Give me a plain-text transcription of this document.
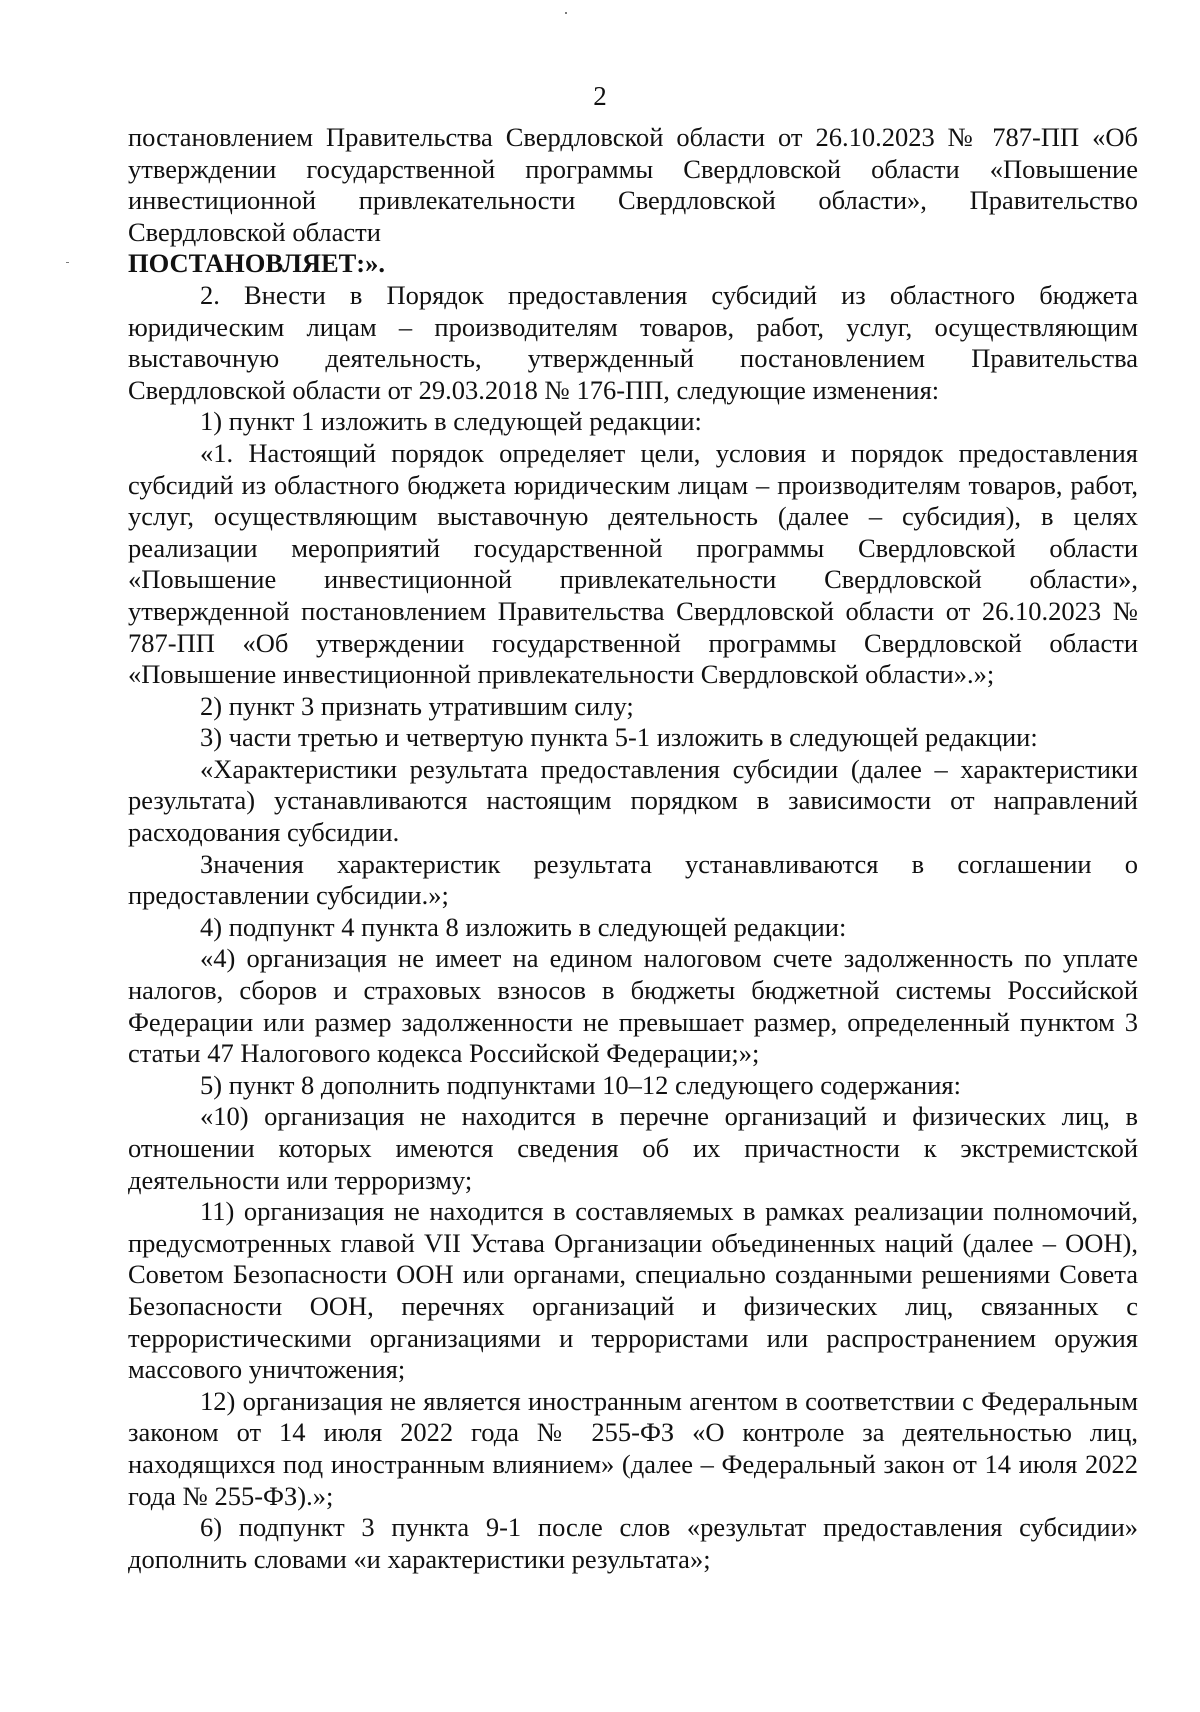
2

постановлением Правительства Свердловской области от 26.10.2023 № 787-ПП «Об утверждении государственной программы Свердловской области «Повышение инвестиционной привлекательности Свердловской области», Правительство Свердловской области

ПОСТАНОВЛЯЕТ:».

2. Внести в Порядок предоставления субсидий из областного бюджета юридическим лицам – производителям товаров, работ, услуг, осуществляющим выставочную деятельность, утвержденный постановлением Правительства Свердловской области от 29.03.2018 № 176-ПП, следующие изменения:

1) пункт 1 изложить в следующей редакции:

«1. Настоящий порядок определяет цели, условия и порядок предоставления субсидий из областного бюджета юридическим лицам – производителям товаров, работ, услуг, осуществляющим выставочную деятельность (далее – субсидия), в целях реализации мероприятий государственной программы Свердловской области «Повышение инвестиционной привлекательности Свердловской области», утвержденной постановлением Правительства Свердловской области от 26.10.2023 № 787-ПП «Об утверждении государственной программы Свердловской области «Повышение инвестиционной привлекательности Свердловской области».»;

2) пункт 3 признать утратившим силу;

3) части третью и четвертую пункта 5-1 изложить в следующей редакции:

«Характеристики результата предоставления субсидии (далее – характеристики результата) устанавливаются настоящим порядком в зависимости от направлений расходования субсидии.

Значения характеристик результата устанавливаются в соглашении о предоставлении субсидии.»;

4) подпункт 4 пункта 8 изложить в следующей редакции:

«4) организация не имеет на едином налоговом счете задолженность по уплате налогов, сборов и страховых взносов в бюджеты бюджетной системы Российской Федерации или размер задолженности не превышает размер, определенный пунктом 3 статьи 47 Налогового кодекса Российской Федерации;»;

5) пункт 8 дополнить подпунктами 10–12 следующего содержания:

«10) организация не находится в перечне организаций и физических лиц, в отношении которых имеются сведения об их причастности к экстремистской деятельности или терроризму;

11) организация не находится в составляемых в рамках реализации полномочий, предусмотренных главой VII Устава Организации объединенных наций (далее – ООН), Советом Безопасности ООН или органами, специально созданными решениями Совета Безопасности ООН, перечнях организаций и физических лиц, связанных с террористическими организациями и террористами или распространением оружия массового уничтожения;

12) организация не является иностранным агентом в соответствии с Федеральным законом от 14 июля 2022 года № 255-ФЗ «О контроле за деятельностью лиц, находящихся под иностранным влиянием» (далее – Федеральный закон от 14 июля 2022 года № 255-ФЗ).»;

6) подпункт 3 пункта 9-1 после слов «результат предоставления субсидии» дополнить словами «и характеристики результата»;
